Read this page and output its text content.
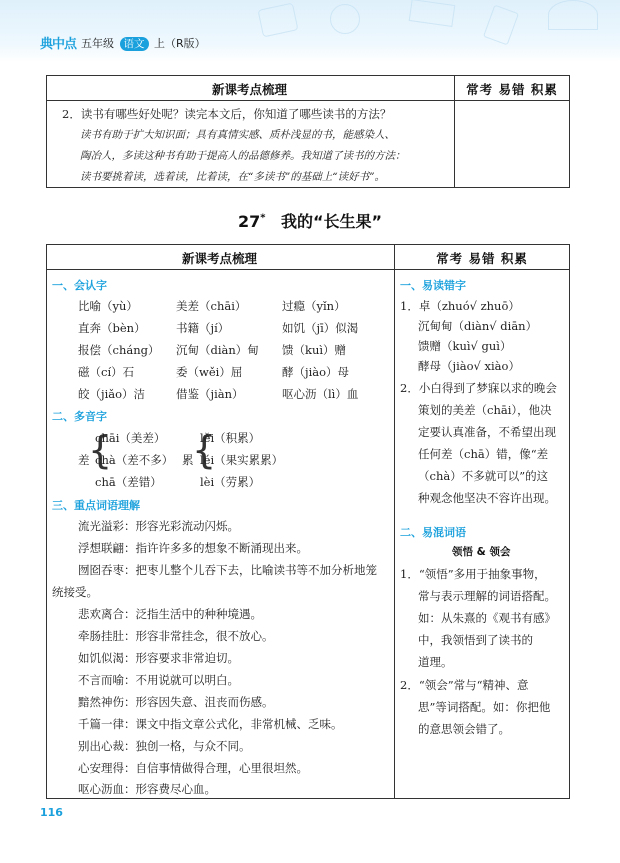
典中点 五年级 语文 上（R版）
新课考点梳理	常考 易错 积累
2．读书有哪些好处呢？读完本文后，你知道了哪些读书的方法？
读书有助于扩大知识面；具有真情实感、质朴浅显的书，能感染人、
陶冶人，多读这种书有助于提高人的品德修养。我知道了读书的方法：
读书要挑着读，选着读，比着读，在“多读书”的基础上“读好书”。
27* 我的“长生果”
新课考点梳理	常考 易错 积累
一、会认字
比喻（yù）	美差（chāi）	过瘾（yǐn）
直奔（bèn）	书籍（jí）	如饥（jī）似渴
报偿（cháng） 沉甸（diàn）甸 馈（kuì）赠
磁（cí）石	委（wěi）屈	酵（jiào）母
皎（jiǎo）洁	借鉴（jiàn）	呕心沥（lì）血
二、多音字
差
{
chāi（美差）
chà（差不多）
chā（差错）
累
{
lěi（积累）
léi（果实累累）
lèi（劳累）
三、重点词语理解
流光溢彩：形容光彩流动闪烁。
浮想联翩：指许许多多的想象不断涌现出来。
囫囵吞枣：把枣儿整个儿吞下去，比喻读书等不加分析地笼
统接受。
悲欢离合：泛指生活中的种种境遇。
牵肠挂肚：形容非常挂念，很不放心。
如饥似渴：形容要求非常迫切。
不言而喻：不用说就可以明白。
黯然神伤：形容因失意、沮丧而伤感。
千篇一律：课文中指文章公式化，非常机械、乏味。
别出心裁：独创一格，与众不同。
心安理得：自信事情做得合理，心里很坦然。
呕心沥血：形容费尽心血。
一、易读错字
1．卓（zhuó√ zhuō）
沉甸甸（diàn√ diān）
馈赠（kuì√ guì）
酵母（jiào√ xiào）
2．小白得到了梦寐以求的晚会
策划的美差（chāi），他决
定要认真准备，不希望出现
任何差（chā）错，像“差
（chà）不多就可以”的这
种观念他坚决不容许出现。
二、易混词语
领悟 & 领会
1．“领悟”多用于抽象事物，
常与表示理解的词语搭配。
如：从朱熹的《观书有感》
中，我领悟到了读书的
道理。
2．“领会”常与“精神、意
思”等词搭配。如：你把他
的意思领会错了。
116
